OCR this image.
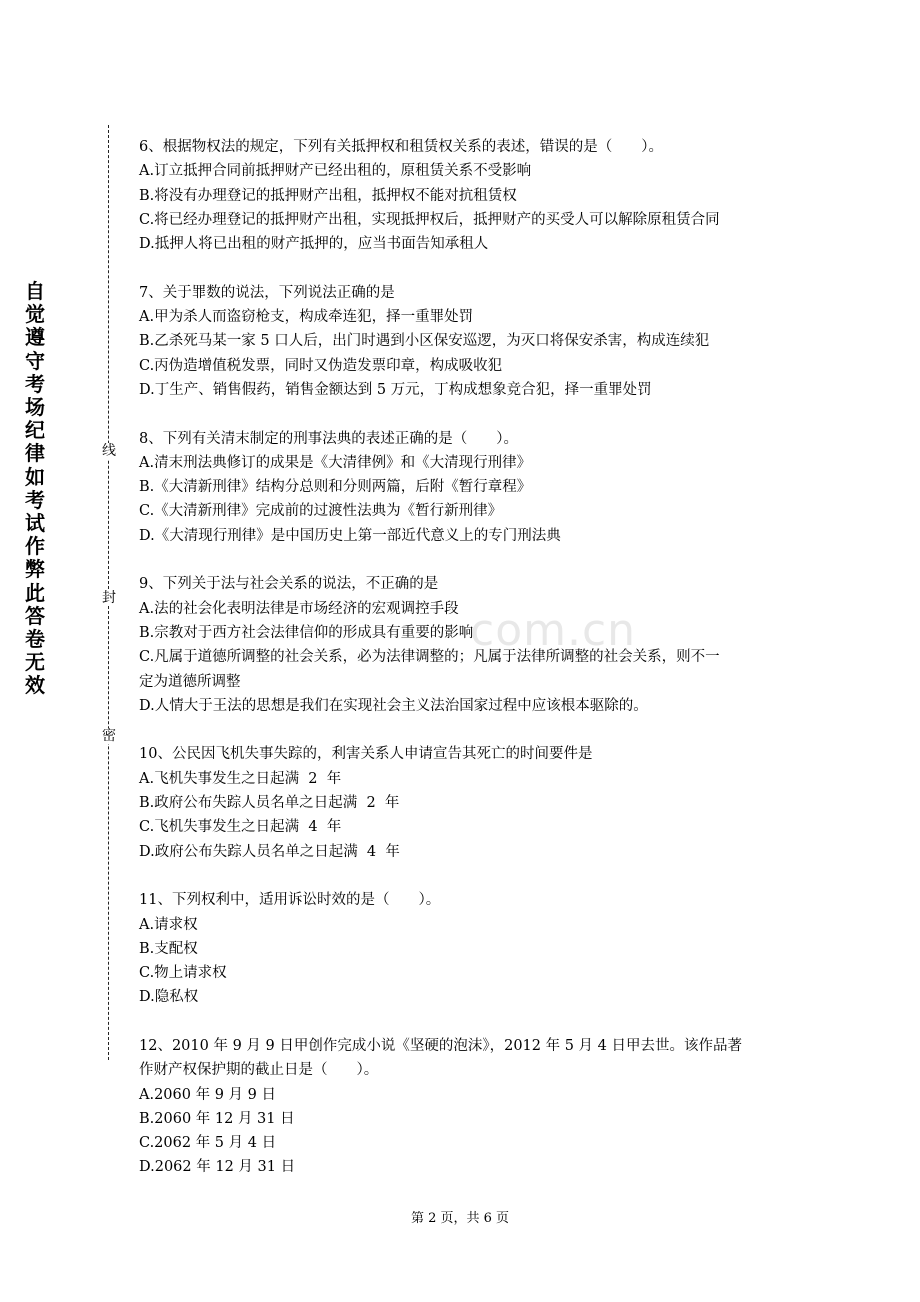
自觉遵守考场纪律如考试作弊此答卷无效
线
封
密
com.cn
6、根据物权法的规定，下列有关抵押权和租赁权关系的表述，错误的是（　　）。
A.订立抵押合同前抵押财产已经出租的，原租赁关系不受影响
B.将没有办理登记的抵押财产出租，抵押权不能对抗租赁权
C.将已经办理登记的抵押财产出租，实现抵押权后，抵押财产的买受人可以解除原租赁合同
D.抵押人将已出租的财产抵押的，应当书面告知承租人
7、关于罪数的说法，下列说法正确的是
A.甲为杀人而盗窃枪支，构成牵连犯，择一重罪处罚
B.乙杀死马某一家 5 口人后，出门时遇到小区保安巡逻，为灭口将保安杀害，构成连续犯
C.丙伪造增值税发票，同时又伪造发票印章，构成吸收犯
D.丁生产、销售假药，销售金额达到 5 万元，丁构成想象竞合犯，择一重罪处罚
8、下列有关清末制定的刑事法典的表述正确的是（　　）。
A.清末刑法典修订的成果是《大清律例》和《大清现行刑律》
B.《大清新刑律》结构分总则和分则两篇，后附《暂行章程》
C.《大清新刑律》完成前的过渡性法典为《暂行新刑律》
D.《大清现行刑律》是中国历史上第一部近代意义上的专门刑法典
9、下列关于法与社会关系的说法，不正确的是
A.法的社会化表明法律是市场经济的宏观调控手段
B.宗教对于西方社会法律信仰的形成具有重要的影响
C.凡属于道德所调整的社会关系，必为法律调整的；凡属于法律所调整的社会关系，则不一
定为道德所调整
D.人情大于王法的思想是我们在实现社会主义法治国家过程中应该根本驱除的。
10、公民因飞机失事失踪的，利害关系人申请宣告其死亡的时间要件是
A.飞机失事发生之日起满  2  年
B.政府公布失踪人员名单之日起满  2  年
C.飞机失事发生之日起满  4  年
D.政府公布失踪人员名单之日起满  4  年
11、下列权利中，适用诉讼时效的是（　　）。
A.请求权
B.支配权
C.物上请求权
D.隐私权
12、2010 年 9 月 9 日甲创作完成小说《坚硬的泡沫》，2012 年 5 月 4 日甲去世。该作品著
作财产权保护期的截止日是（　　）。
A.2060 年 9 月 9 日
B.2060 年 12 月 31 日
C.2062 年 5 月 4 日
D.2062 年 12 月 31 日
第 2 页，共 6 页
